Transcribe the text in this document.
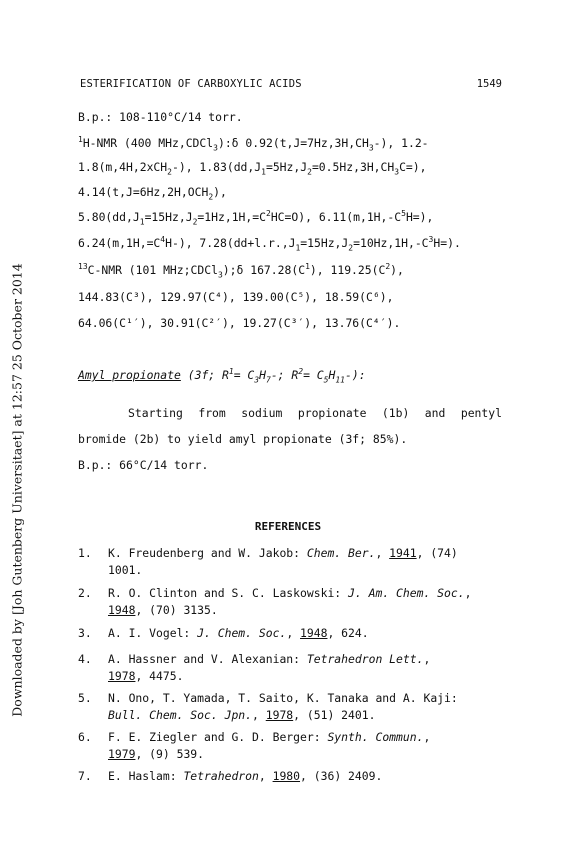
Downloaded by [Joh Gutenberg Universitaet] at 12:57 25 October 2014
ESTERIFICATION OF CARBOXYLIC ACIDS	1549
B.p.: 108-110°C/14 torr.
$^1$H-NMR (400 MHz,CDCl$_3$):δ $0.92(t,J=7Hz,3H,CH_3-)$, 1.2-
1.8(m,4H,2xCH$_2$-), $1.83(dd,J_1=5Hz,J_2=0.5Hz,3H,CH_3C=)$,
$4.14(t,J=6Hz,2H,OCH_2)$,
$5.80(dd,J_1=15Hz,J_2=1Hz,1H,=C^2HC=O)$, $6.11(m,1H,-C^5H=)$,
$6.24(m,1H,=C^4H-)$, $7.28(dd+l.r.,J_1=15Hz,J_2=10Hz,1H,-C^3H=)$.
$^{13}$C-NMR (101 MHz;CDCl$_3$);δ $167.28(C^1)$, $119.25(C^2)$,
144.83(C³), 129.97(C⁴), 139.00(C⁵), 18.59(C⁶),
64.06(C¹′), 30.91(C²′), 19.27(C³′), 13.76(C⁴′).
Amyl propionate (3f; $R^1= C_3H_7-$; $R^2= C_5H_{11}-$):
Starting from sodium propionate (1b) and pentyl
bromide (2b) to yield amyl propionate (3f; 85%).
B.p.: 66°C/14 torr.
REFERENCES
1. K. Freudenberg and W. Jakob: Chem. Ber., 1941, (74)
1001.
2. R. O. Clinton and S. C. Laskowski: J. Am. Chem. Soc.,
1948, (70) 3135.
3. A. I. Vogel: J. Chem. Soc., 1948, 624.
4. A. Hassner and V. Alexanian: Tetrahedron Lett.,
1978, 4475.
5. N. Ono, T. Yamada, T. Saito, K. Tanaka and A. Kaji:
Bull. Chem. Soc. Jpn., 1978, (51) 2401.
6. F. E. Ziegler and G. D. Berger: Synth. Commun.,
1979, (9) 539.
7. E. Haslam: Tetrahedron, 1980, (36) 2409.
